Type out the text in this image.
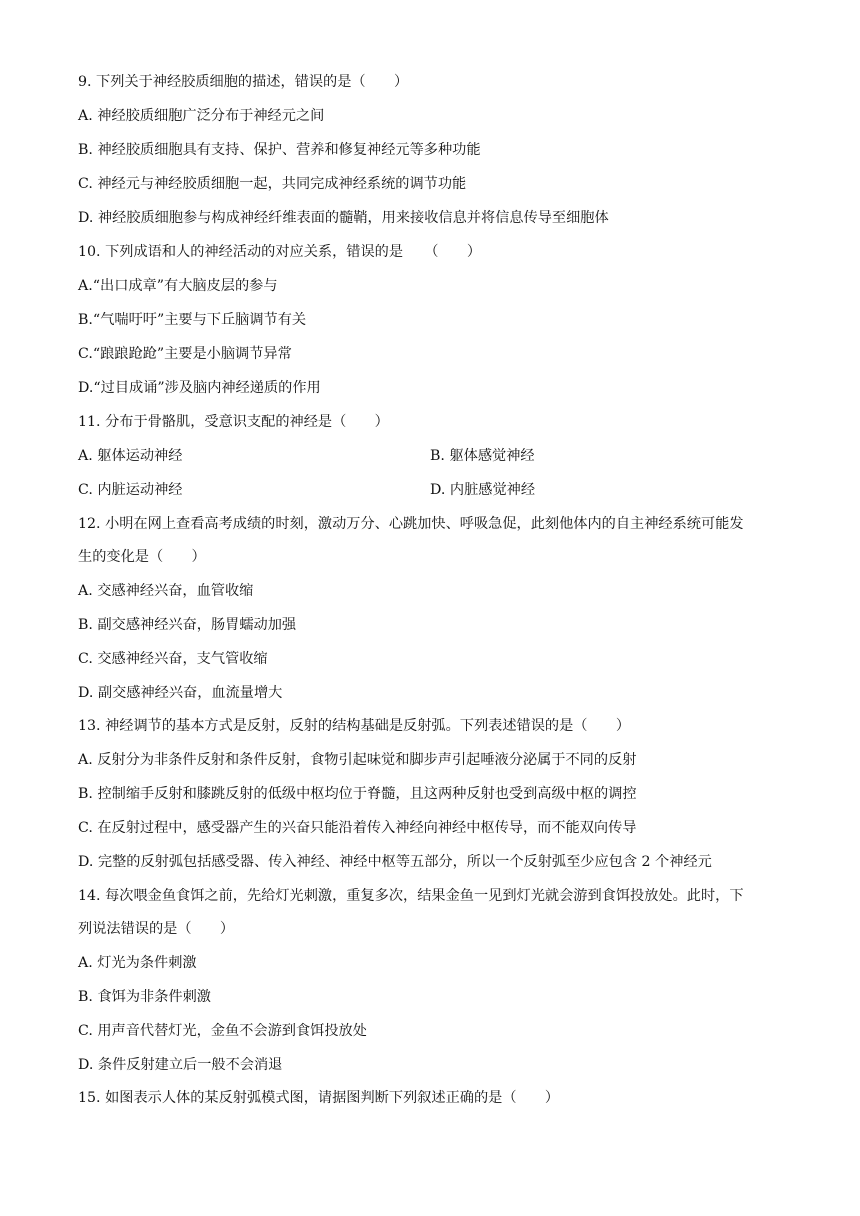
9. 下列关于神经胶质细胞的描述，错误的是（　　）
A. 神经胶质细胞广泛分布于神经元之间
B. 神经胶质细胞具有支持、保护、营养和修复神经元等多种功能
C. 神经元与神经胶质细胞一起，共同完成神经系统的调节功能
D. 神经胶质细胞参与构成神经纤维表面的髓鞘，用来接收信息并将信息传导至细胞体
10. 下列成语和人的神经活动的对应关系，错误的是　　（　　）
A.“出口成章”有大脑皮层的参与
B.“气喘吁吁”主要与下丘脑调节有关
C.“踉踉跄跄”主要是小脑调节异常
D.“过目成诵”涉及脑内神经递质的作用
11. 分布于骨骼肌，受意识支配的神经是（　　）
A. 躯体运动神经	B. 躯体感觉神经
C. 内脏运动神经	D. 内脏感觉神经
12. 小明在网上查看高考成绩的时刻，激动万分、心跳加快、呼吸急促，此刻他体内的自主神经系统可能发
生的变化是（　　）
A. 交感神经兴奋，血管收缩
B. 副交感神经兴奋，肠胃蠕动加强
C. 交感神经兴奋，支气管收缩
D. 副交感神经兴奋，血流量增大
13. 神经调节的基本方式是反射，反射的结构基础是反射弧。下列表述错误的是（　　）
A. 反射分为非条件反射和条件反射，食物引起味觉和脚步声引起唾液分泌属于不同的反射
B. 控制缩手反射和膝跳反射的低级中枢均位于脊髓，且这两种反射也受到高级中枢的调控
C. 在反射过程中，感受器产生的兴奋只能沿着传入神经向神经中枢传导，而不能双向传导
D. 完整的反射弧包括感受器、传入神经、神经中枢等五部分，所以一个反射弧至少应包含 2 个神经元
14. 每次喂金鱼食饵之前，先给灯光刺激，重复多次，结果金鱼一见到灯光就会游到食饵投放处。此时，下
列说法错误的是（　　）
A. 灯光为条件刺激
B. 食饵为非条件刺激
C. 用声音代替灯光，金鱼不会游到食饵投放处
D. 条件反射建立后一般不会消退
15. 如图表示人体的某反射弧模式图，请据图判断下列叙述正确的是（　　）
